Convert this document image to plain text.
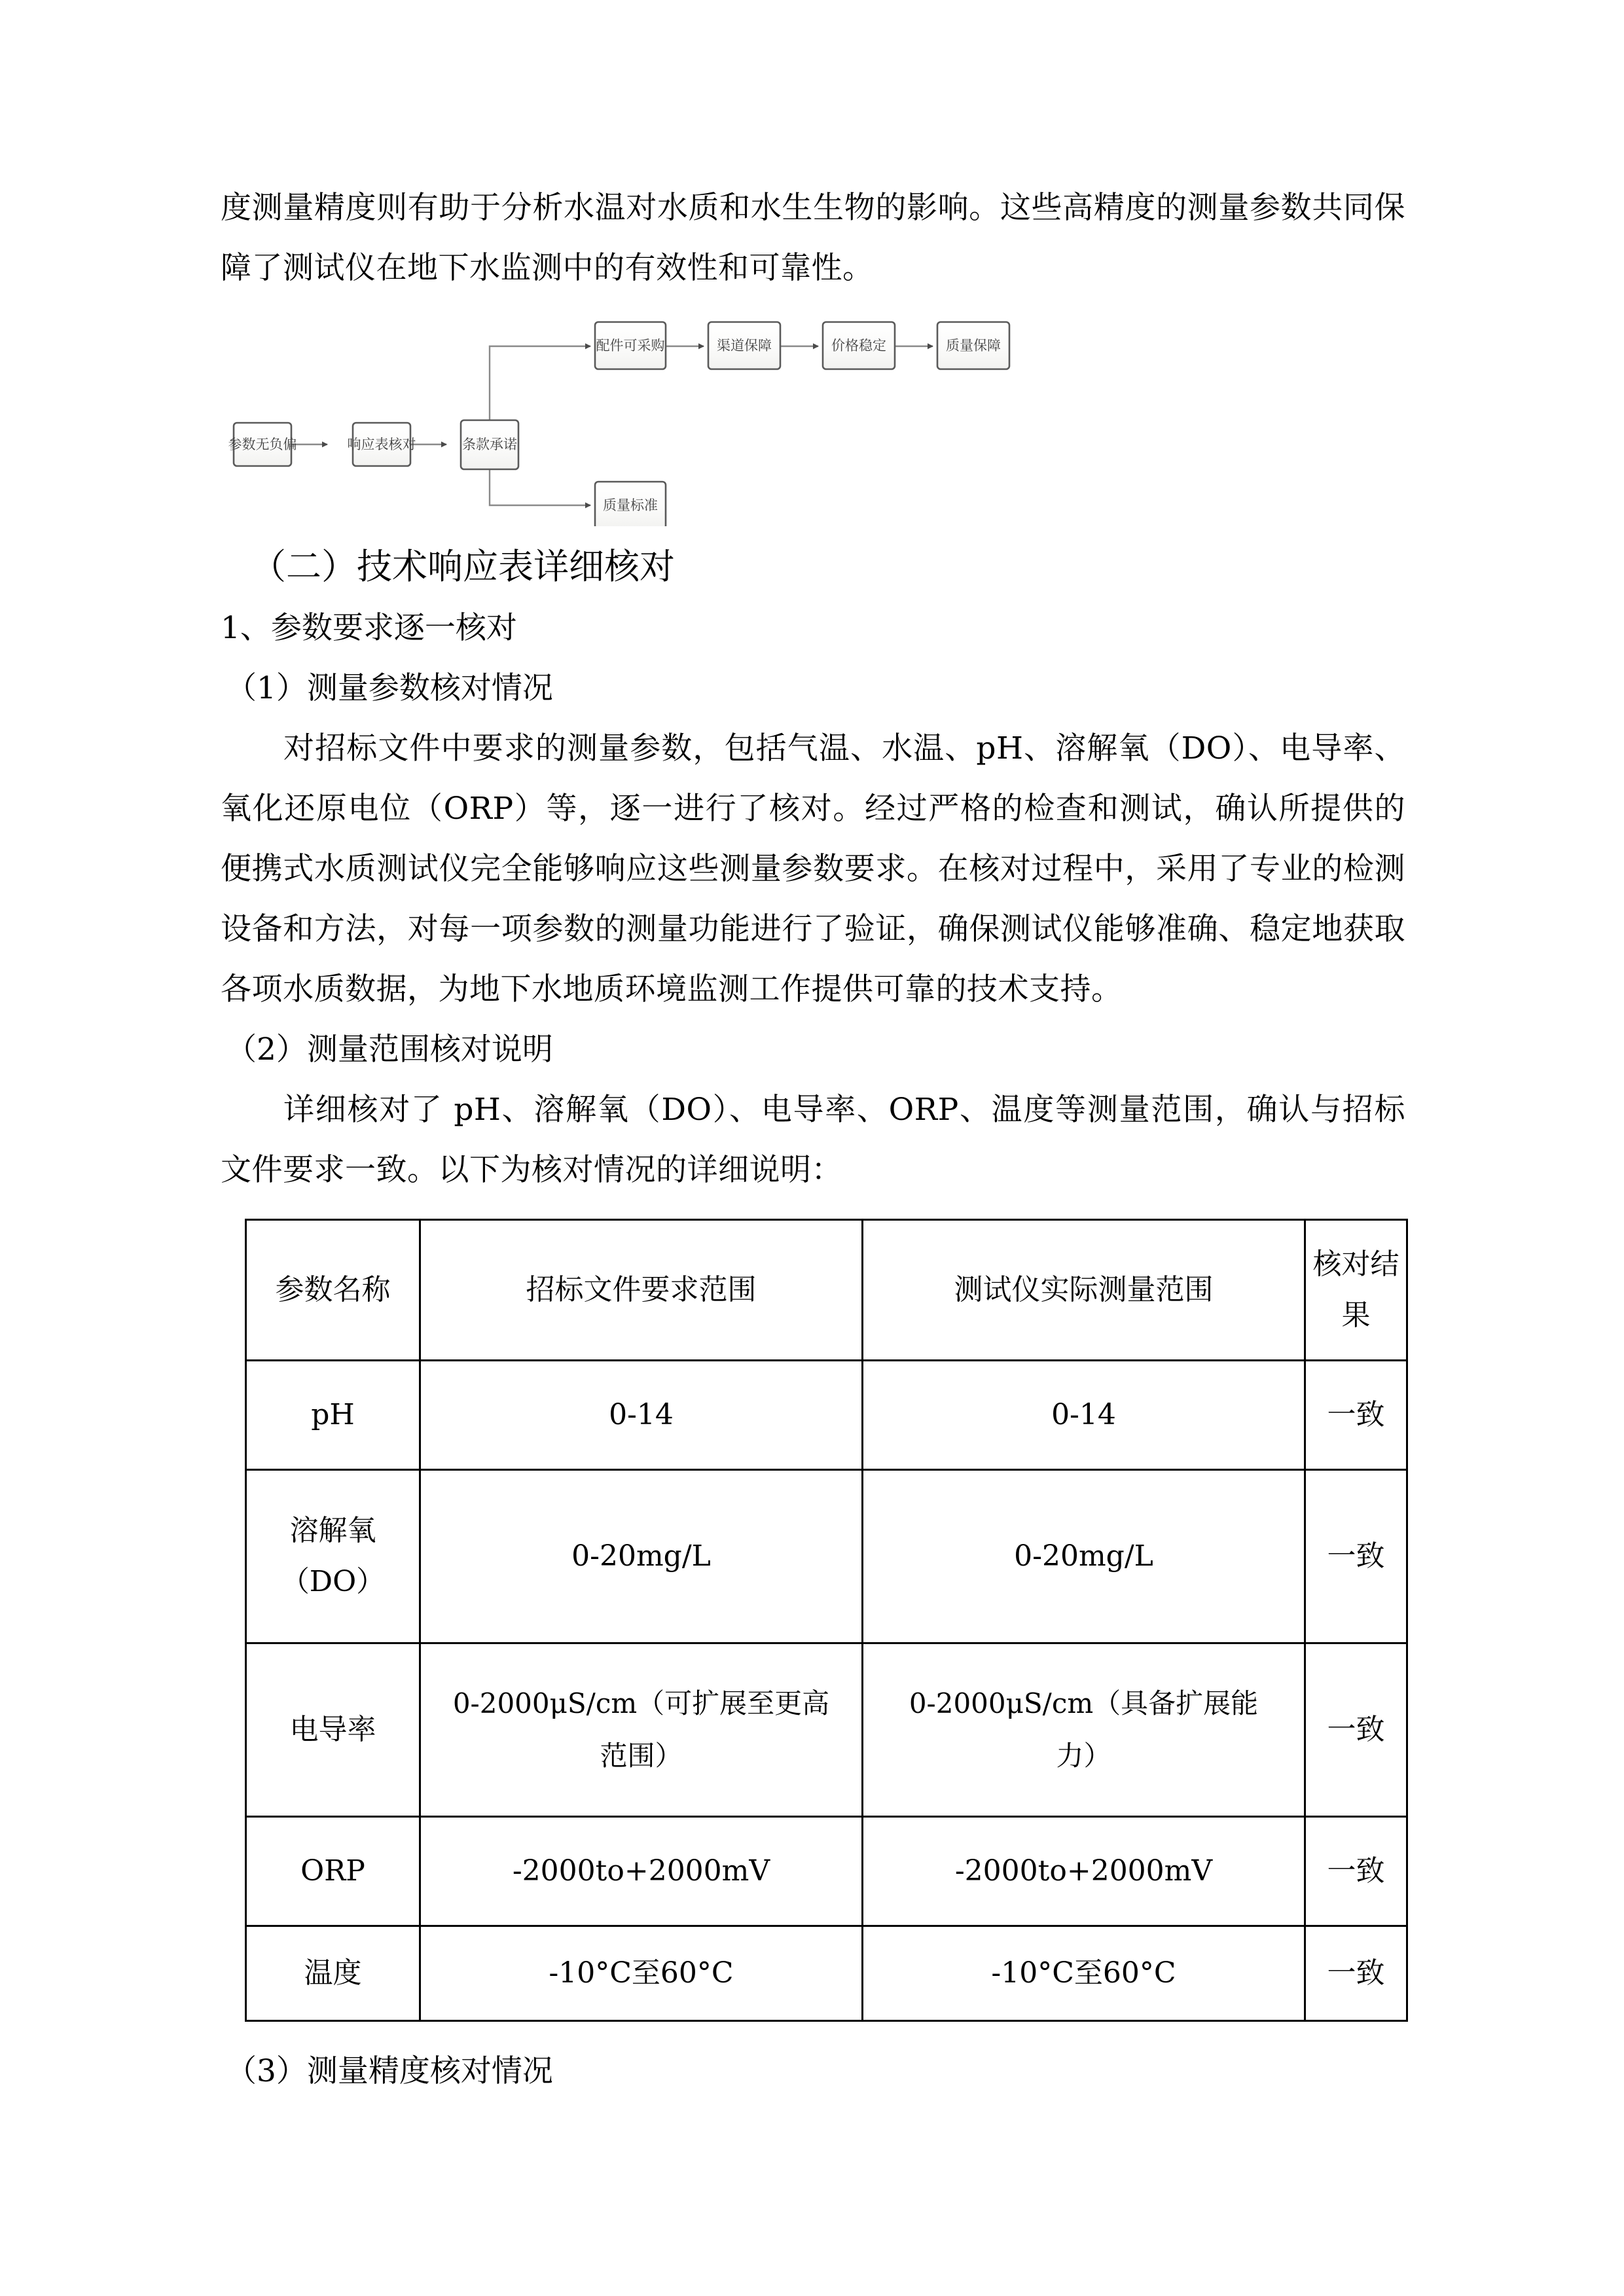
度测量精度则有助于分析水温对水质和水生生物的影响。这些高精度的测量参数共同保障了测试仪在地下水监测中的有效性和可靠性。

参数无负偏	响应表核对	条款承诺
配件可采购	渠道保障	价格稳定	质量保障
质量标准
（二）技术响应表详细核对
1、参数要求逐一核对

（1）测量参数核对情况

对招标文件中要求的测量参数，包括气温、水温、pH、溶解氧（DO）、电导率、氧化还原电位（ORP）等，逐一进行了核对。经过严格的检查和测试，确认所提供的便携式水质测试仪完全能够响应这些测量参数要求。在核对过程中，采用了专业的检测设备和方法，对每一项参数的测量功能进行了验证，确保测试仪能够准确、稳定地获取各项水质数据，为地下水地质环境监测工作提供可靠的技术支持。

（2）测量范围核对说明

详细核对了 pH、溶解氧（DO）、电导率、ORP、温度等测量范围，确认与招标文件要求一致。以下为核对情况的详细说明：

参数名称	招标文件要求范围	测试仪实际测量范围	核对结
果

pH	0-14	0-14	一致

溶解氧
（DO）	0-20mg/L	0-20mg/L	一致
电导率	0-2000μS/cm（可扩展至更高
范围）	0-2000μS/cm（具备扩展能
力）	一致
ORP	-2000to+2000mV	-2000to+2000mV	一致
温度	-10°C至60°C	-10°C至60°C	一致

（3）测量精度核对情况
